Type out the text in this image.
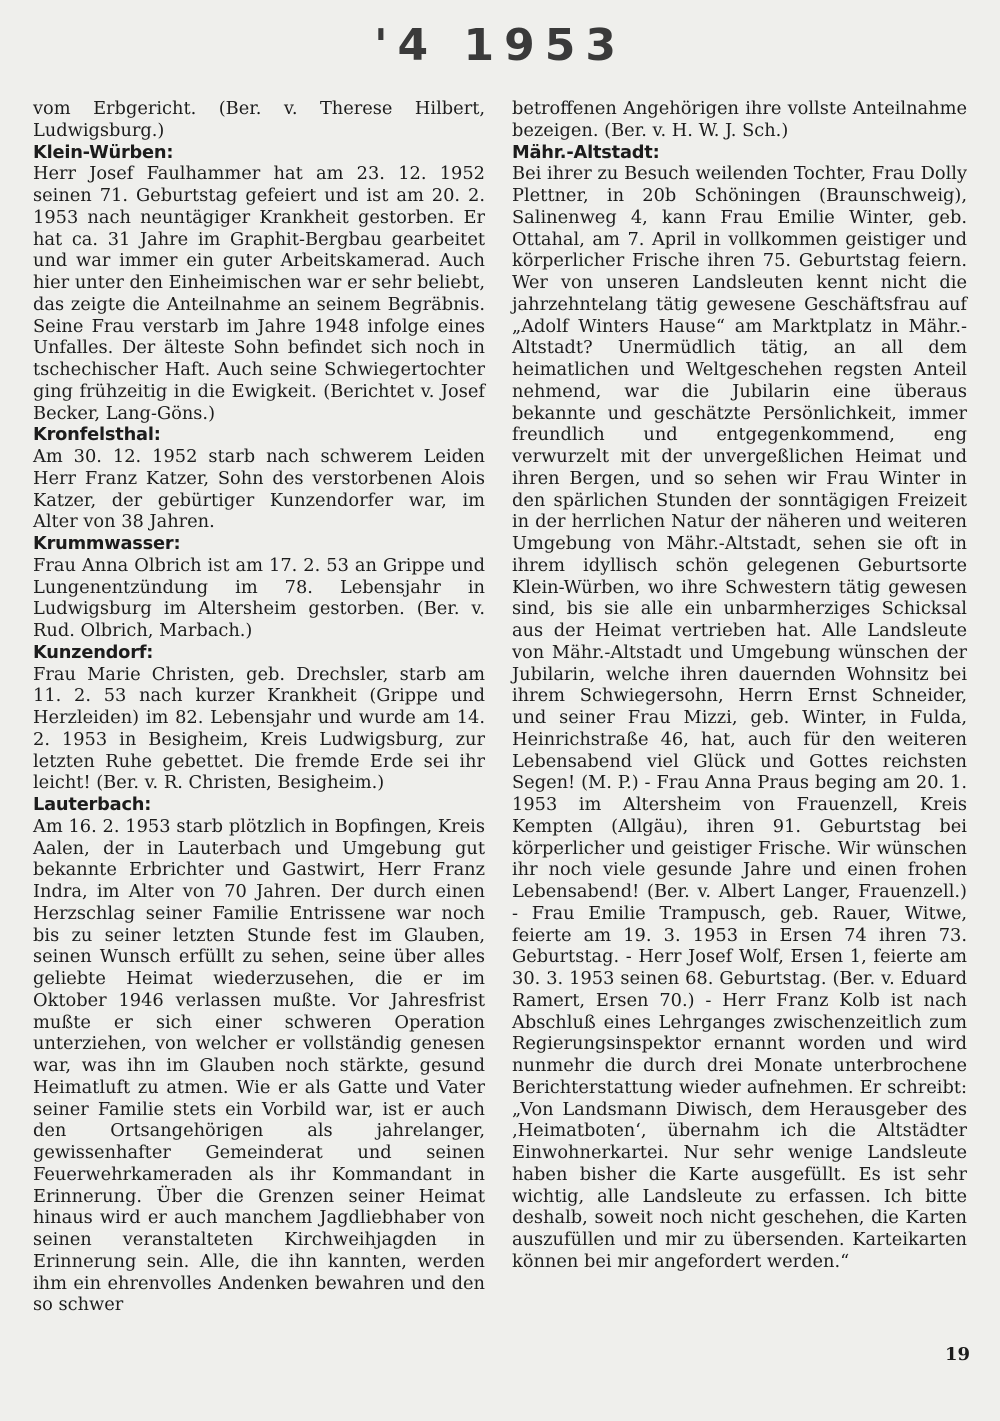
'4 1953

vom Erbgericht. (Ber. v. Therese Hilbert, Ludwigsburg.)

Klein-Würben:

Herr Josef Faulhammer hat am 23. 12. 1952 seinen 71. Geburtstag gefeiert und ist am 20. 2. 1953 nach neuntägiger Krankheit gestorben. Er hat ca. 31 Jahre im Graphit-Bergbau gearbeitet und war immer ein guter Arbeitskamerad. Auch hier unter den Einheimischen war er sehr beliebt, das zeigte die Anteilnahme an seinem Begräbnis. Seine Frau verstarb im Jahre 1948 infolge eines Unfalles. Der älteste Sohn befindet sich noch in tschechischer Haft. Auch seine Schwiegertochter ging frühzeitig in die Ewigkeit. (Berichtet v. Josef Becker, Lang-Göns.)

Kronfelsthal:

Am 30. 12. 1952 starb nach schwerem Leiden Herr Franz Katzer, Sohn des verstorbenen Alois Katzer, der gebürtiger Kunzendorfer war, im Alter von 38 Jahren.

Krummwasser:

Frau Anna Olbrich ist am 17. 2. 53 an Grippe und Lungenentzündung im 78. Lebensjahr in Ludwigsburg im Altersheim gestorben. (Ber. v. Rud. Olbrich, Marbach.)

Kunzendorf:

Frau Marie Christen, geb. Drechsler, starb am 11. 2. 53 nach kurzer Krankheit (Grippe und Herzleiden) im 82. Lebensjahr und wurde am 14. 2. 1953 in Besigheim, Kreis Ludwigsburg, zur letzten Ruhe gebettet. Die fremde Erde sei ihr leicht! (Ber. v. R. Christen, Besigheim.)

Lauterbach:

Am 16. 2. 1953 starb plötzlich in Bopfingen, Kreis Aalen, der in Lauterbach und Umgebung gut bekannte Erbrichter und Gastwirt, Herr Franz Indra, im Alter von 70 Jahren. Der durch einen Herzschlag seiner Familie Entrissene war noch bis zu seiner letzten Stunde fest im Glauben, seinen Wunsch erfüllt zu sehen, seine über alles geliebte Heimat wiederzusehen, die er im Oktober 1946 verlassen mußte. Vor Jahresfrist mußte er sich einer schweren Operation unterziehen, von welcher er vollständig genesen war, was ihn im Glauben noch stärkte, gesund Heimatluft zu atmen. Wie er als Gatte und Vater seiner Familie stets ein Vorbild war, ist er auch den Ortsangehörigen als jahrelanger, gewissenhafter Gemeinderat und seinen Feuerwehrkameraden als ihr Kommandant in Erinnerung. Über die Grenzen seiner Heimat hinaus wird er auch manchem Jagdliebhaber von seinen veranstalteten Kirchweihjagden in Erinnerung sein. Alle, die ihn kannten, werden ihm ein ehrenvolles Andenken bewahren und den so schwer

betroffenen Angehörigen ihre vollste Anteilnahme bezeigen. (Ber. v. H. W. J. Sch.)

Mähr.-Altstadt:

Bei ihrer zu Besuch weilenden Tochter, Frau Dolly Plettner, in 20b Schöningen (Braunschweig), Salinenweg 4, kann Frau Emilie Winter, geb. Ottahal, am 7. April in vollkommen geistiger und körperlicher Frische ihren 75. Geburtstag feiern. Wer von unseren Landsleuten kennt nicht die jahrzehntelang tätig gewesene Geschäftsfrau auf „Adolf Winters Hause“ am Marktplatz in Mähr.-Altstadt? Unermüdlich tätig, an all dem heimatlichen und Weltgeschehen regsten Anteil nehmend, war die Jubilarin eine überaus bekannte und geschätzte Persönlichkeit, immer freundlich und entgegenkommend, eng verwurzelt mit der unvergeßlichen Heimat und ihren Bergen, und so sehen wir Frau Winter in den spärlichen Stunden der sonntägigen Freizeit in der herrlichen Natur der näheren und weiteren Umgebung von Mähr.-Altstadt, sehen sie oft in ihrem idyllisch schön gelegenen Geburtsorte Klein-Würben, wo ihre Schwestern tätig gewesen sind, bis sie alle ein unbarmherziges Schicksal aus der Heimat vertrieben hat. Alle Landsleute von Mähr.-Altstadt und Umgebung wünschen der Jubilarin, welche ihren dauernden Wohnsitz bei ihrem Schwiegersohn, Herrn Ernst Schneider, und seiner Frau Mizzi, geb. Winter, in Fulda, Heinrichstraße 46, hat, auch für den weiteren Lebensabend viel Glück und Gottes reichsten Segen! (M. P.) - Frau Anna Praus beging am 20. 1. 1953 im Altersheim von Frauenzell, Kreis Kempten (Allgäu), ihren 91. Geburtstag bei körperlicher und geistiger Frische. Wir wünschen ihr noch viele gesunde Jahre und einen frohen Lebensabend! (Ber. v. Albert Langer, Frauenzell.) - Frau Emilie Trampusch, geb. Rauer, Witwe, feierte am 19. 3. 1953 in Ersen 74 ihren 73. Geburtstag. - Herr Josef Wolf, Ersen 1, feierte am 30. 3. 1953 seinen 68. Geburtstag. (Ber. v. Eduard Ramert, Ersen 70.) - Herr Franz Kolb ist nach Abschluß eines Lehrganges zwischenzeitlich zum Regierungsinspektor ernannt worden und wird nunmehr die durch drei Monate unterbrochene Berichterstattung wieder aufnehmen. Er schreibt: „Von Landsmann Diwisch, dem Herausgeber des ‚Heimatboten‘, übernahm ich die Altstädter Einwohnerkartei. Nur sehr wenige Landsleute haben bisher die Karte ausgefüllt. Es ist sehr wichtig, alle Landsleute zu erfassen. Ich bitte deshalb, soweit noch nicht geschehen, die Karten auszufüllen und mir zu übersenden. Karteikarten können bei mir angefordert werden.“

19
